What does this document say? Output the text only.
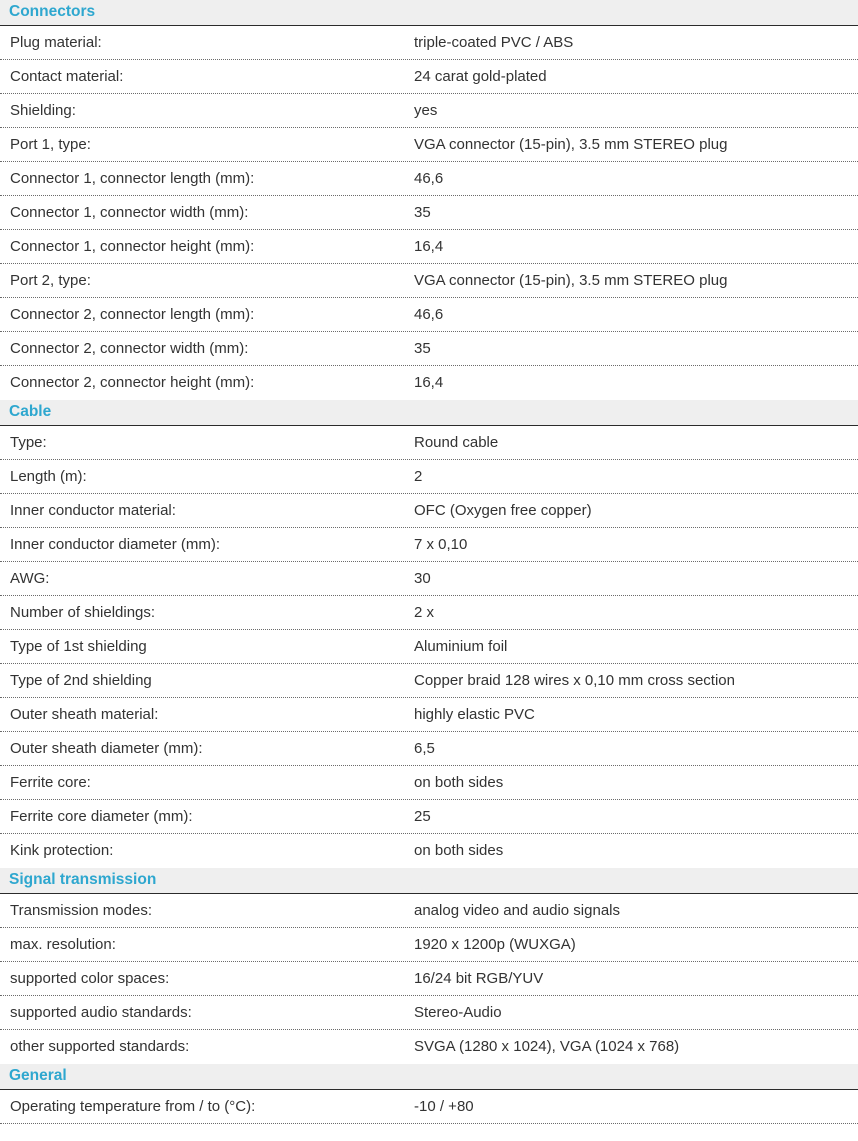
Connectors
Plug material:	triple-coated PVC / ABS
Contact material:	24 carat gold-plated
Shielding:	yes
Port 1, type:	VGA connector (15-pin), 3.5 mm STEREO plug
Connector 1, connector length (mm):	46,6
Connector 1, connector width (mm):	35
Connector 1, connector height (mm):	16,4
Port 2, type:	VGA connector (15-pin), 3.5 mm STEREO plug
Connector 2, connector length (mm):	46,6
Connector 2, connector width (mm):	35
Connector 2, connector height (mm):	16,4
Cable
Type:	Round cable
Length (m):	2
Inner conductor material:	OFC (Oxygen free copper)
Inner conductor diameter (mm):	7 x 0,10
AWG:	30
Number of shieldings:	2 x
Type of 1st shielding	Aluminium foil
Type of 2nd shielding	Copper braid 128 wires x 0,10 mm cross section
Outer sheath material:	highly elastic PVC
Outer sheath diameter (mm):	6,5
Ferrite core:	on both sides
Ferrite core diameter (mm):	25
Kink protection:	on both sides
Signal transmission
Transmission modes:	analog video and audio signals
max. resolution:	1920 x 1200p (WUXGA)
supported color spaces:	16/24 bit RGB/YUV
supported audio standards:	Stereo-Audio
other supported standards:	SVGA (1280 x 1024), VGA (1024 x 768)
General
Operating temperature from / to (°C):	-10 / +80
